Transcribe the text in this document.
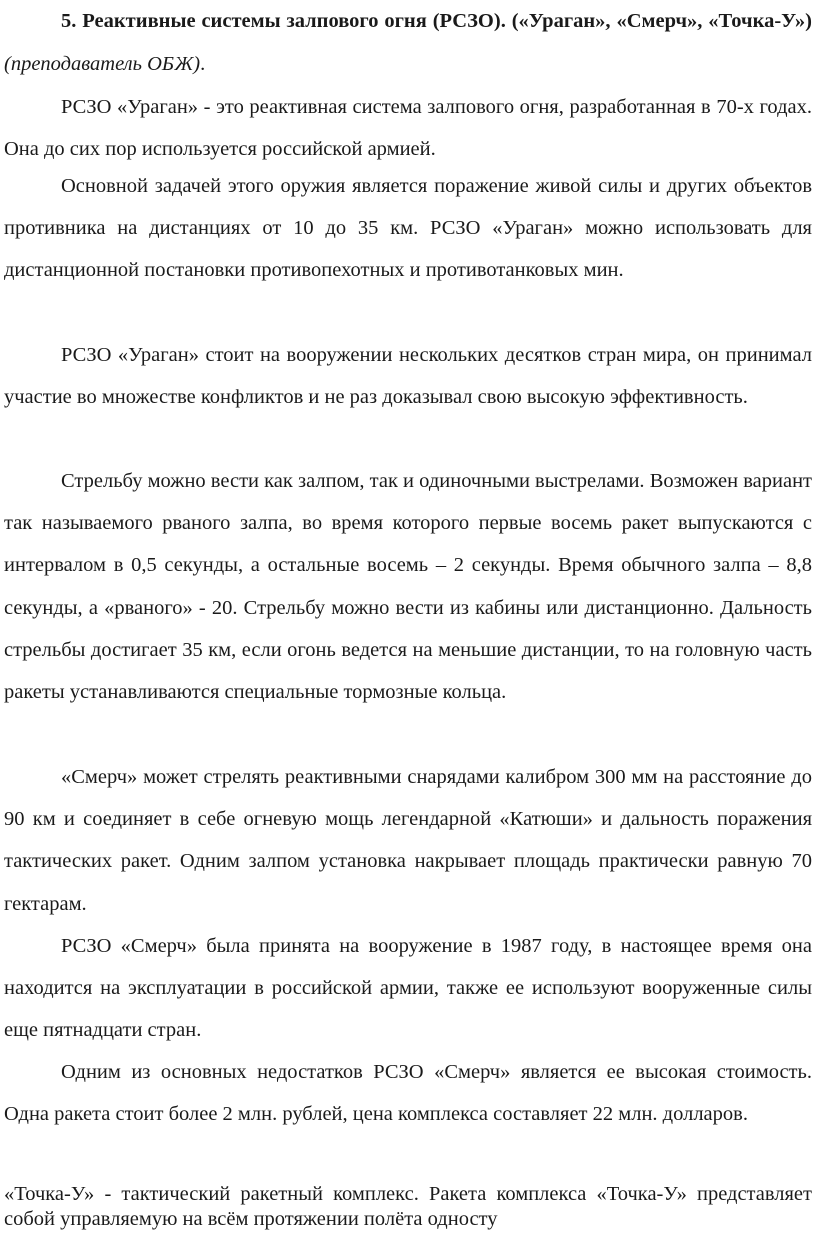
5. Реактивные системы залпового огня (РСЗО). («Ураган», «Смерч», «Точка-У») (преподаватель ОБЖ).

РСЗО «Ураган» - это реактивная система залпового огня, разработанная в 70-х годах. Она до сих пор используется российской армией.

Основной задачей этого оружия является поражение живой силы и других объектов противника на дистанциях от 10 до 35 км. РСЗО «Ураган» можно использовать для дистанционной постановки противопехотных и противотанковых мин.

РСЗО «Ураган» стоит на вооружении нескольких десятков стран мира, он принимал участие во множестве конфликтов и не раз доказывал свою высокую эффективность.

Стрельбу можно вести как залпом, так и одиночными выстрелами. Возможен вариант так называемого рваного залпа, во время которого первые восемь ракет выпускаются с интервалом в 0,5 секунды, а остальные восемь – 2 секунды. Время обычного залпа – 8,8 секунды, а «рваного» - 20. Стрельбу можно вести из кабины или дистанционно. Дальность стрельбы достигает 35 км, если огонь ведется на меньшие дистанции, то на головную часть ракеты устанавливаются специальные тормозные кольца.

«Смерч» может стрелять реактивными снарядами калибром 300 мм на расстояние до 90 км и соединяет в себе огневую мощь легендарной «Катюши» и дальность поражения тактических ракет. Одним залпом установка накрывает площадь практически равную 70 гектарам.

РСЗО «Смерч» была принята на вооружение в 1987 году, в настоящее время она находится на эксплуатации в российской армии, также ее используют вооруженные силы еще пятнадцати стран.

Одним из основных недостатков РСЗО «Смерч» является ее высокая стоимость. Одна ракета стоит более 2 млн. рублей, цена комплекса составляет 22 млн. долларов.

«Точка-У» - тактический ракетный комплекс. Ракета комплекса «Точка-У» представляет собой управляемую на всём протяжении полёта односту
